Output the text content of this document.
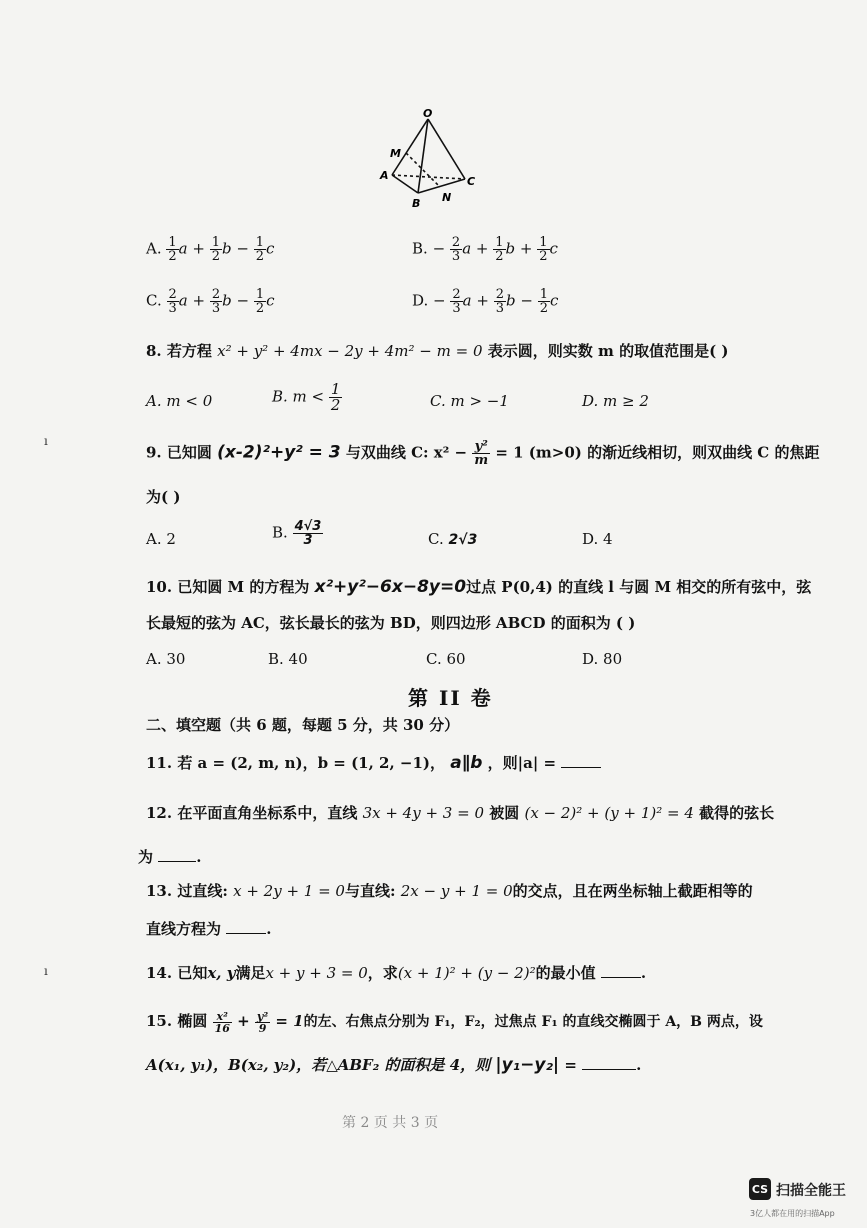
O
M
A
B N
C
A. $\frac{1}{2}$ $a + \frac{1}{2}$ $b - \frac{1}{2}$ c	B. − $\frac{2}{3}$ $a + \frac{1}{2}$ $b + \frac{1}{2}$ c
C. $\frac{2}{3}$ $a + \frac{2}{3}$ $b - \frac{1}{2}$ c	D. − $\frac{2}{3}$ $a + \frac{2}{3}$ $b - \frac{1}{2}$ c
8. 若方程 x² + y² + 4mx − 2y + 4m² − m = 0 表示圆，则实数 m 的取值范围是( )
A. m < 0	B. $m < \frac{1}{2}$	C. m > −1	D. m ≥ 2
ı
9. 已知圆 (x-2)²+y² = 3 与双曲线 C: $x^2 - \frac{\text{y²}}{m} = 1$ (m>0) 的渐近线相切，则双曲线 C 的焦距
为( )
A. 2	B. $\frac{4√3}{3}$	C. 2√3	D. 4
10. 已知圆 M 的方程为 x²+y²−6x−8y=0过点 P(0,4) 的直线 l 与圆 M 相交的所有弦中，弦
长最短的弦为 AC，弦长最长的弦为 BD，则四边形 ABCD 的面积为 ( )
A. 30	B. 40	C. 60	D. 80
第 II 卷
二、填空题（共 6 题，每题 5 分，共 30 分）
11. 若 a = (2, m, n)，b = (1, 2, −1)， a∥b ，则|a| =
12. 在平面直角坐标系中，直线 3x + 4y + 3 = 0 被圆 (x − 2)² + (y + 1)² = 4 截得的弦长
为	.
13. 过直线: x + 2y + 1 = 0与直线: 2x − y + 1 = 0的交点，且在两坐标轴上截距相等的
直线方程为	.
ı	14. 已知x, y满足x + y + 3 = 0，求(x + 1)² + (y − 2)²的最小值	.
15. 椭圆 $\frac{\text{x²}}{16} + \frac{\text{y²}}{9} = 1$的左、右焦点分别为 F₁，F₂，过焦点 F₁ 的直线交椭圆于 A，B 两点，设
A(x₁, y₁)，B(x₂, y₂)，若△ABF₂ 的面积是 4，则 |y₁−y₂| =	.
第 2 页 共 3 页
CS 扫描全能王
3亿人都在用的扫描App
